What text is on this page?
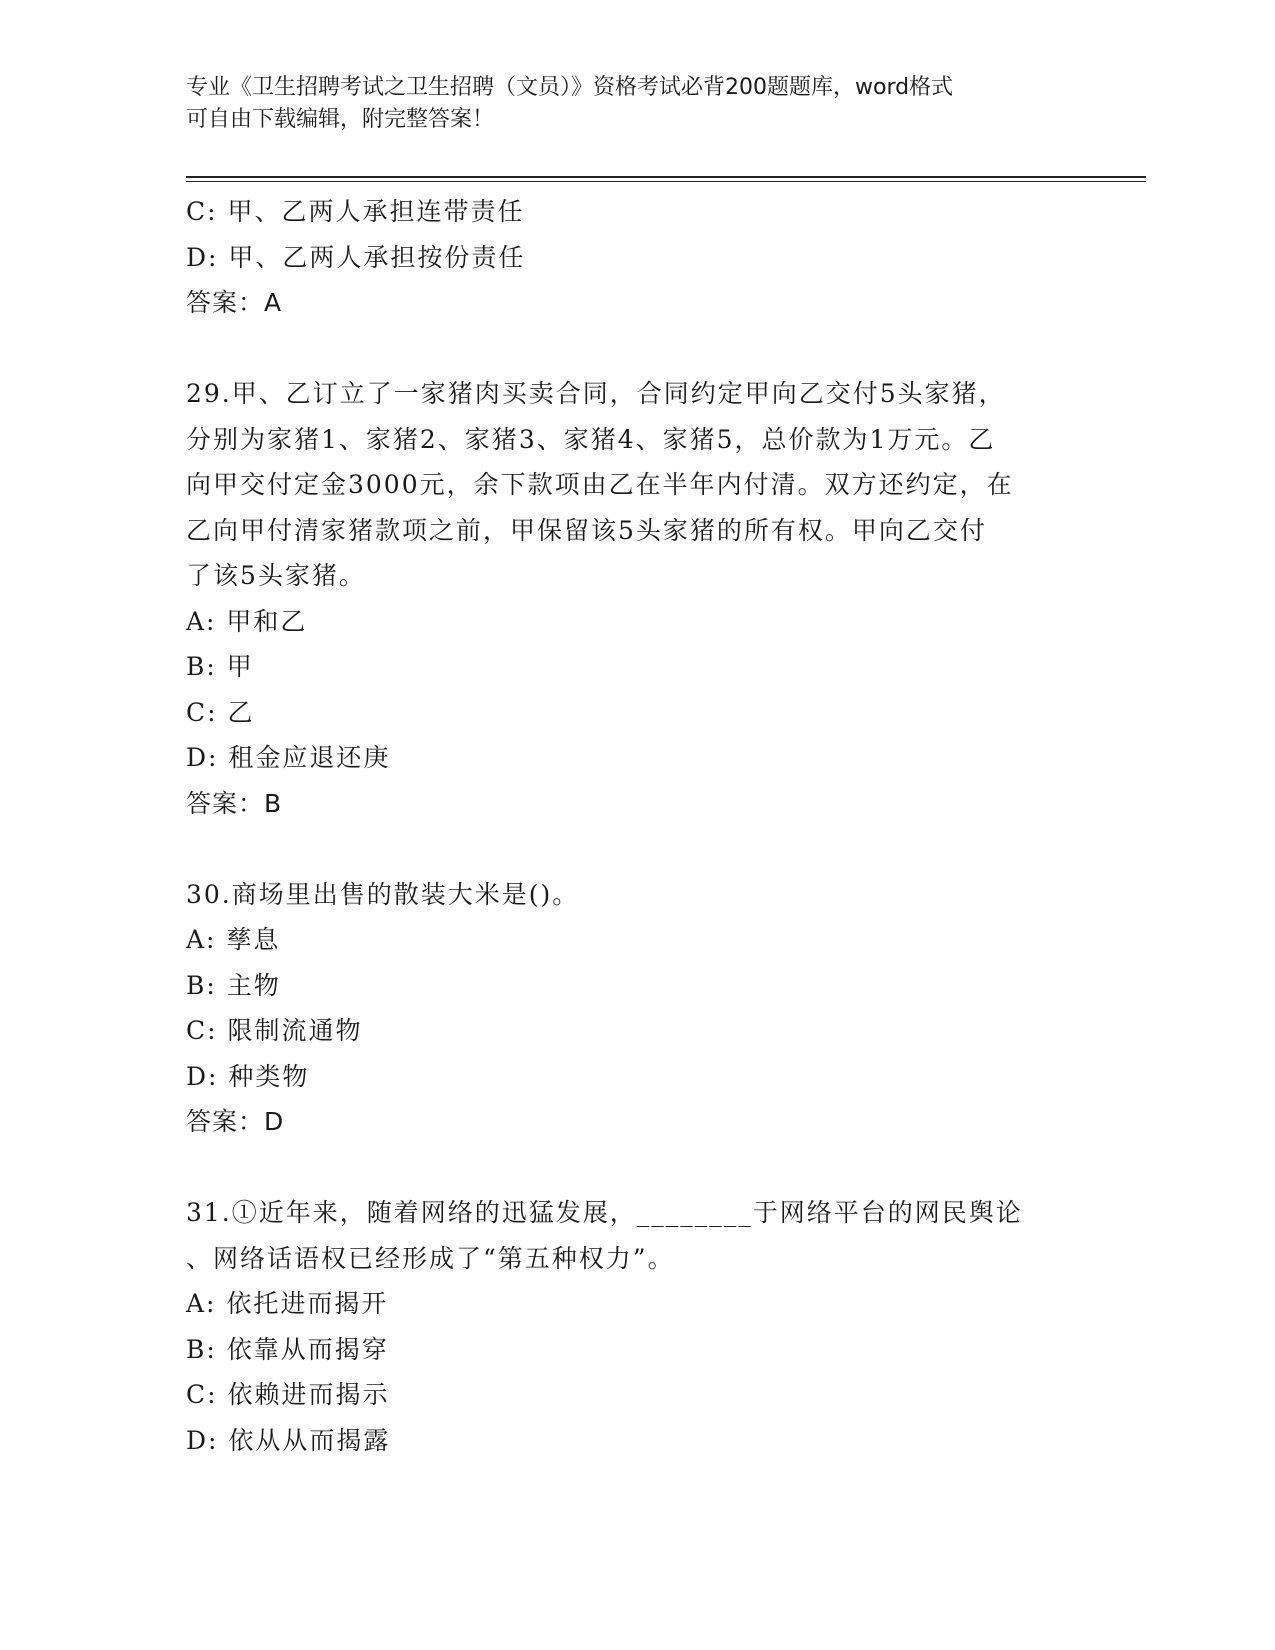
专业《卫生招聘考试之卫生招聘（文员）》资格考试必背200题题库，word格式
可自由下载编辑，附完整答案！
C: 甲、乙两人承担连带责任
D: 甲、乙两人承担按份责任
答案：A
29.甲、乙订立了一家猪肉买卖合同，合同约定甲向乙交付5头家猪，
分别为家猪1、家猪2、家猪3、家猪4、家猪5，总价款为1万元。乙
向甲交付定金3000元，余下款项由乙在半年内付清。双方还约定，在
乙向甲付清家猪款项之前，甲保留该5头家猪的所有权。甲向乙交付
了该5头家猪。
A: 甲和乙
B: 甲
C: 乙
D: 租金应退还庚
答案：B
30.商场里出售的散装大米是()。
A: 孳息
B: 主物
C: 限制流通物
D: 种类物
答案：D
31.①近年来，随着网络的迅猛发展，________于网络平台的网民舆论
、网络话语权已经形成了“第五种权力”。
A: 依托进而揭开
B: 依靠从而揭穿
C: 依赖进而揭示
D: 依从从而揭露
